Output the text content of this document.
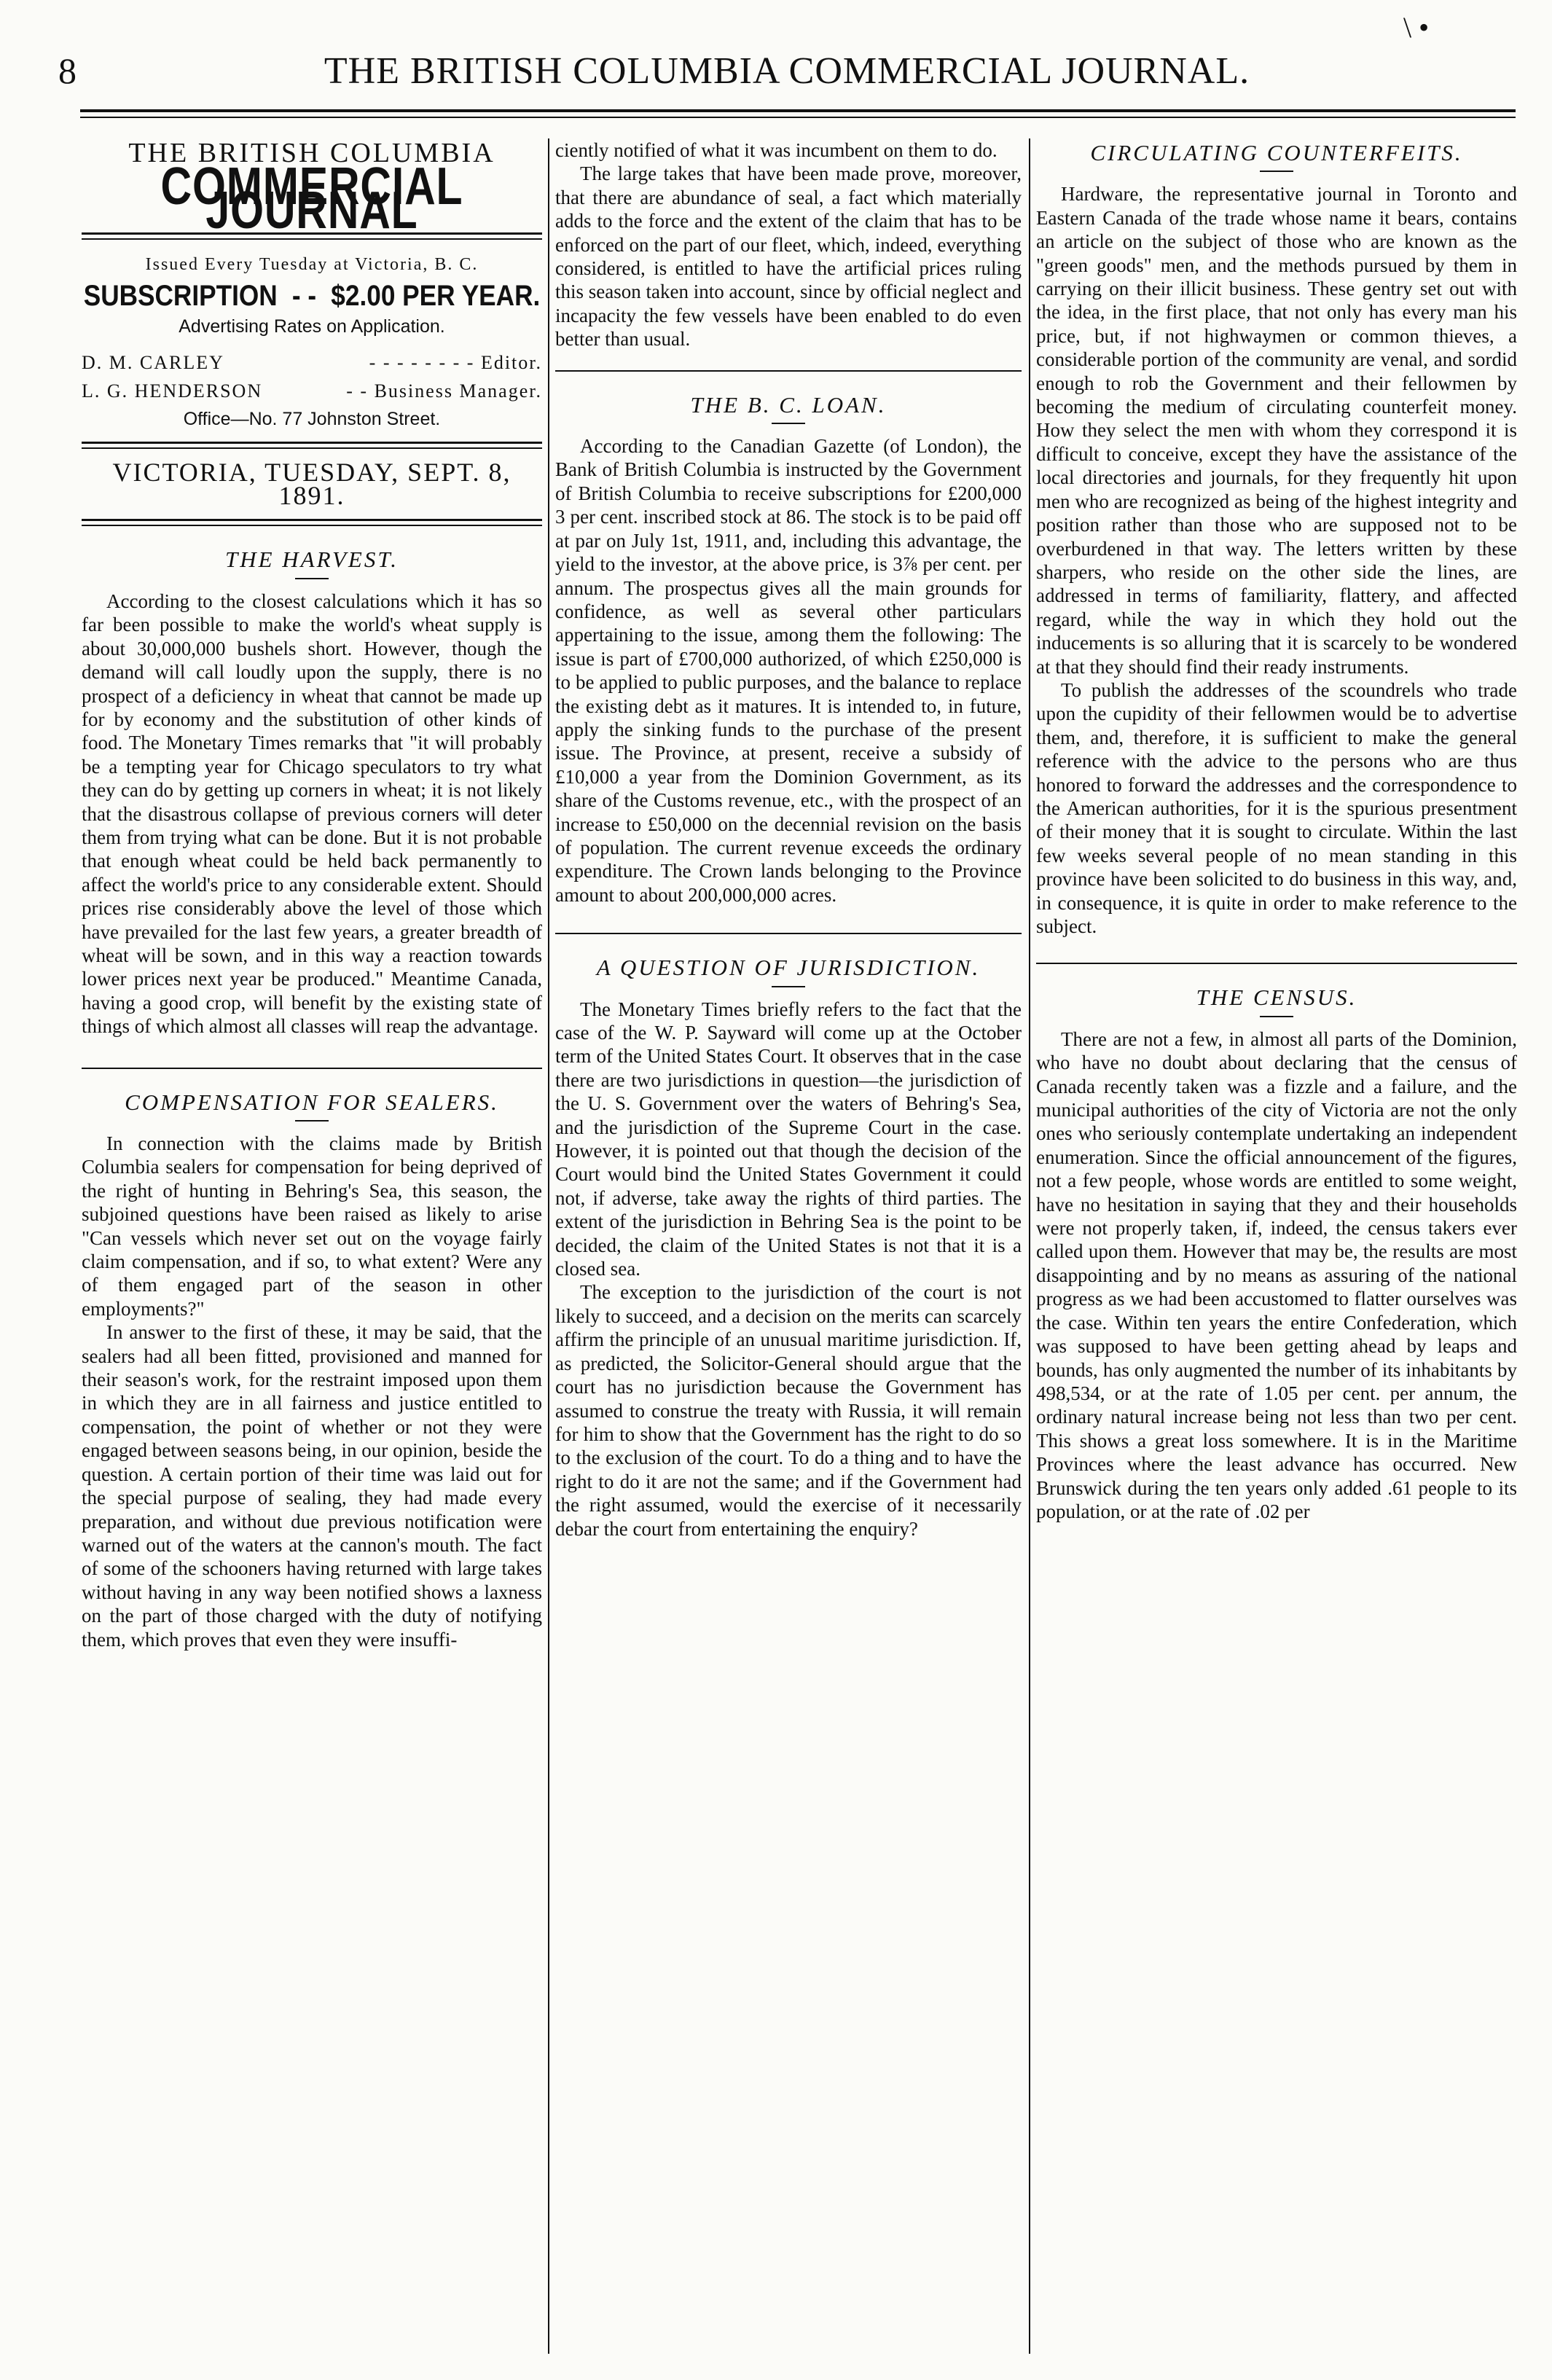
\ •
8	THE BRITISH COLUMBIA COMMERCIAL JOURNAL.
THE BRITISH COLUMBIA
COMMERCIAL JOURNAL
Issued Every Tuesday at Victoria, B. C.
SUBSCRIPTION - - $2.00 PER YEAR.
Advertising Rates on Application.
D. M. CARLEY	- - - - - - - - Editor.
L. G. HENDERSON	- - Business Manager.
Office—No. 77 Johnston Street.
VICTORIA, TUESDAY, SEPT. 8, 1891.
THE HARVEST.

According to the closest calculations which it has so far been possible to make the world's wheat supply is about 30,000,000 bushels short. However, though the demand will call loudly upon the supply, there is no prospect of a deficiency in wheat that cannot be made up for by economy and the substitution of other kinds of food. The Monetary Times remarks that "it will probably be a tempting year for Chicago speculators to try what they can do by getting up corners in wheat; it is not likely that the disastrous collapse of previous corners will deter them from trying what can be done. But it is not probable that enough wheat could be held back permanently to affect the world's price to any considerable extent. Should prices rise considerably above the level of those which have prevailed for the last few years, a greater breadth of wheat will be sown, and in this way a reaction towards lower prices next year be produced." Meantime Canada, having a good crop, will benefit by the existing state of things of which almost all classes will reap the advantage.

COMPENSATION FOR SEALERS.

In connection with the claims made by British Columbia sealers for compensation for being deprived of the right of hunting in Behring's Sea, this season, the subjoined questions have been raised as likely to arise "Can vessels which never set out on the voyage fairly claim compensation, and if so, to what extent? Were any of them engaged part of the season in other employments?"

In answer to the first of these, it may be said, that the sealers had all been fitted, provisioned and manned for their season's work, for the restraint imposed upon them in which they are in all fairness and justice entitled to compensation, the point of whether or not they were engaged between seasons being, in our opinion, beside the question. A certain portion of their time was laid out for the special purpose of sealing, they had made every preparation, and without due previous notification were warned out of the waters at the cannon's mouth. The fact of some of the schooners having returned with large takes without having in any way been notified shows a laxness on the part of those charged with the duty of notifying them, which proves that even they were insuffi-

ciently notified of what it was incumbent on them to do.

The large takes that have been made prove, moreover, that there are abundance of seal, a fact which materially adds to the force and the extent of the claim that has to be enforced on the part of our fleet, which, indeed, everything considered, is entitled to have the artificial prices ruling this season taken into account, since by official neglect and incapacity the few vessels have been enabled to do even better than usual.

THE B. C. LOAN.

According to the Canadian Gazette (of London), the Bank of British Columbia is instructed by the Government of British Columbia to receive subscriptions for £200,000 3 per cent. inscribed stock at 86. The stock is to be paid off at par on July 1st, 1911, and, including this advantage, the yield to the investor, at the above price, is 3⅞ per cent. per annum. The prospectus gives all the main grounds for confidence, as well as several other particulars appertaining to the issue, among them the following: The issue is part of £700,000 authorized, of which £250,000 is to be applied to public purposes, and the balance to replace the existing debt as it matures. It is intended to, in future, apply the sinking funds to the purchase of the present issue. The Province, at present, receive a subsidy of £10,000 a year from the Dominion Government, as its share of the Customs revenue, etc., with the prospect of an increase to £50,000 on the decennial revision on the basis of population. The current revenue exceeds the ordinary expenditure. The Crown lands belonging to the Province amount to about 200,000,000 acres.

A QUESTION OF JURISDICTION.

The Monetary Times briefly refers to the fact that the case of the W. P. Sayward will come up at the October term of the United States Court. It observes that in the case there are two jurisdictions in question—the jurisdiction of the U. S. Government over the waters of Behring's Sea, and the jurisdiction of the Supreme Court in the case. However, it is pointed out that though the decision of the Court would bind the United States Government it could not, if adverse, take away the rights of third parties. The extent of the jurisdiction in Behring Sea is the point to be decided, the claim of the United States is not that it is a closed sea.

The exception to the jurisdiction of the court is not likely to succeed, and a decision on the merits can scarcely affirm the principle of an unusual maritime jurisdiction. If, as predicted, the Solicitor-General should argue that the court has no jurisdiction because the Government has assumed to construe the treaty with Russia, it will remain for him to show that the Government has the right to do so to the exclusion of the court. To do a thing and to have the right to do it are not the same; and if the Government had the right assumed, would the exercise of it necessarily debar the court from entertaining the enquiry?

CIRCULATING COUNTERFEITS.

Hardware, the representative journal in Toronto and Eastern Canada of the trade whose name it bears, contains an article on the subject of those who are known as the "green goods" men, and the methods pursued by them in carrying on their illicit business. These gentry set out with the idea, in the first place, that not only has every man his price, but, if not highwaymen or common thieves, a considerable portion of the community are venal, and sordid enough to rob the Government and their fellowmen by becoming the medium of circulating counterfeit money. How they select the men with whom they correspond it is difficult to conceive, except they have the assistance of the local directories and journals, for they frequently hit upon men who are recognized as being of the highest integrity and position rather than those who are supposed not to be overburdened in that way. The letters written by these sharpers, who reside on the other side the lines, are addressed in terms of familiarity, flattery, and affected regard, while the way in which they hold out the inducements is so alluring that it is scarcely to be wondered at that they should find their ready instruments.

To publish the addresses of the scoundrels who trade upon the cupidity of their fellowmen would be to advertise them, and, therefore, it is sufficient to make the general reference with the advice to the persons who are thus honored to forward the addresses and the correspondence to the American authorities, for it is the spurious presentment of their money that it is sought to circulate. Within the last few weeks several people of no mean standing in this province have been solicited to do business in this way, and, in consequence, it is quite in order to make reference to the subject.

THE CENSUS.

There are not a few, in almost all parts of the Dominion, who have no doubt about declaring that the census of Canada recently taken was a fizzle and a failure, and the municipal authorities of the city of Victoria are not the only ones who seriously contemplate undertaking an independent enumeration. Since the official announcement of the figures, not a few people, whose words are entitled to some weight, have no hesitation in saying that they and their households were not properly taken, if, indeed, the census takers ever called upon them. However that may be, the results are most disappointing and by no means as assuring of the national progress as we had been accustomed to flatter ourselves was the case. Within ten years the entire Confederation, which was supposed to have been getting ahead by leaps and bounds, has only augmented the number of its inhabitants by 498,534, or at the rate of 1.05 per cent. per annum, the ordinary natural increase being not less than two per cent. This shows a great loss somewhere. It is in the Maritime Provinces where the least advance has occurred. New Brunswick during the ten years only added .61 people to its population, or at the rate of .02 per
